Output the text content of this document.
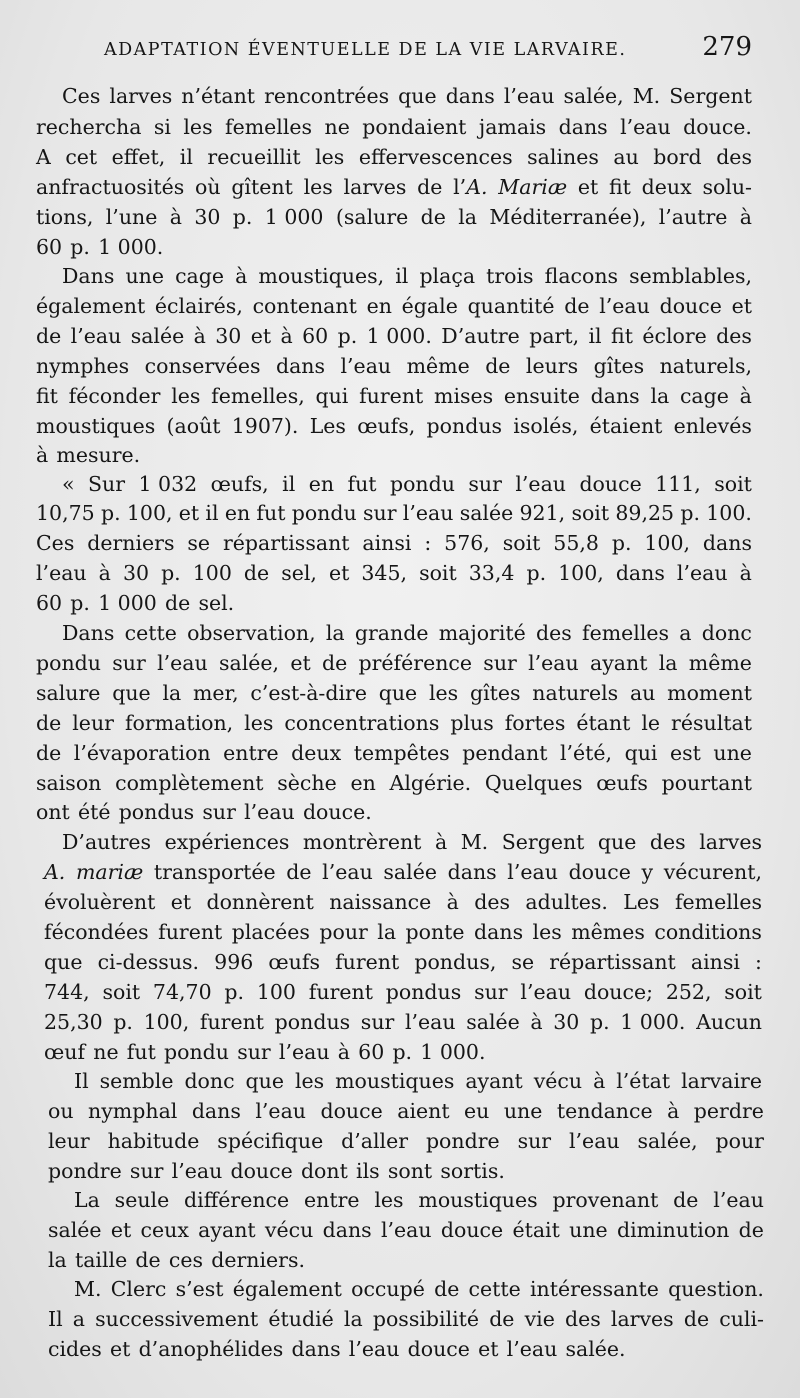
ADAPTATION ÉVENTUELLE DE LA VIE LARVAIRE.	279
Ces larves n’étant rencontrées que dans l’eau salée, M. Sergent
rechercha si les femelles ne pondaient jamais dans l’eau douce.
A cet effet, il recueillit les effervescences salines au bord des
anfractuosités où gîtent les larves de l’A. Mariæ et fit deux solu-
tions, l’une à 30 p. 1 000 (salure de la Méditerranée), l’autre à
60 p. 1 000.
Dans une cage à moustiques, il plaça trois flacons semblables,
également éclairés, contenant en égale quantité de l’eau douce et
de l’eau salée à 30 et à 60 p. 1 000. D’autre part, il fit éclore des
nymphes conservées dans l’eau même de leurs gîtes naturels,
fit féconder les femelles, qui furent mises ensuite dans la cage à
moustiques (août 1907). Les œufs, pondus isolés, étaient enlevés
à mesure.
« Sur 1 032 œufs, il en fut pondu sur l’eau douce 111, soit
10,75 p. 100, et il en fut pondu sur l’eau salée 921, soit 89,25 p. 100.
Ces derniers se répartissant ainsi : 576, soit 55,8 p. 100, dans
l’eau à 30 p. 100 de sel, et 345, soit 33,4 p. 100, dans l’eau à
60 p. 1 000 de sel.
Dans cette observation, la grande majorité des femelles a donc
pondu sur l’eau salée, et de préférence sur l’eau ayant la même
salure que la mer, c’est-à-dire que les gîtes naturels au moment
de leur formation, les concentrations plus fortes étant le résultat
de l’évaporation entre deux tempêtes pendant l’été, qui est une
saison complètement sèche en Algérie. Quelques œufs pourtant
ont été pondus sur l’eau douce.
D’autres expériences montrèrent à M. Sergent que des larves
A. mariæ transportée de l’eau salée dans l’eau douce y vécurent,
évoluèrent et donnèrent naissance à des adultes. Les femelles
fécondées furent placées pour la ponte dans les mêmes conditions
que ci-dessus. 996 œufs furent pondus, se répartissant ainsi :
744, soit 74,70 p. 100 furent pondus sur l’eau douce; 252, soit
25,30 p. 100, furent pondus sur l’eau salée à 30 p. 1 000. Aucun
œuf ne fut pondu sur l’eau à 60 p. 1 000.
Il semble donc que les moustiques ayant vécu à l’état larvaire
ou nymphal dans l’eau douce aient eu une tendance à perdre
leur habitude spécifique d’aller pondre sur l’eau salée, pour
pondre sur l’eau douce dont ils sont sortis.
La seule différence entre les moustiques provenant de l’eau
salée et ceux ayant vécu dans l’eau douce était une diminution de
la taille de ces derniers.
M. Clerc s’est également occupé de cette intéressante question.
Il a successivement étudié la possibilité de vie des larves de culi-
cides et d’anophélides dans l’eau douce et l’eau salée.
